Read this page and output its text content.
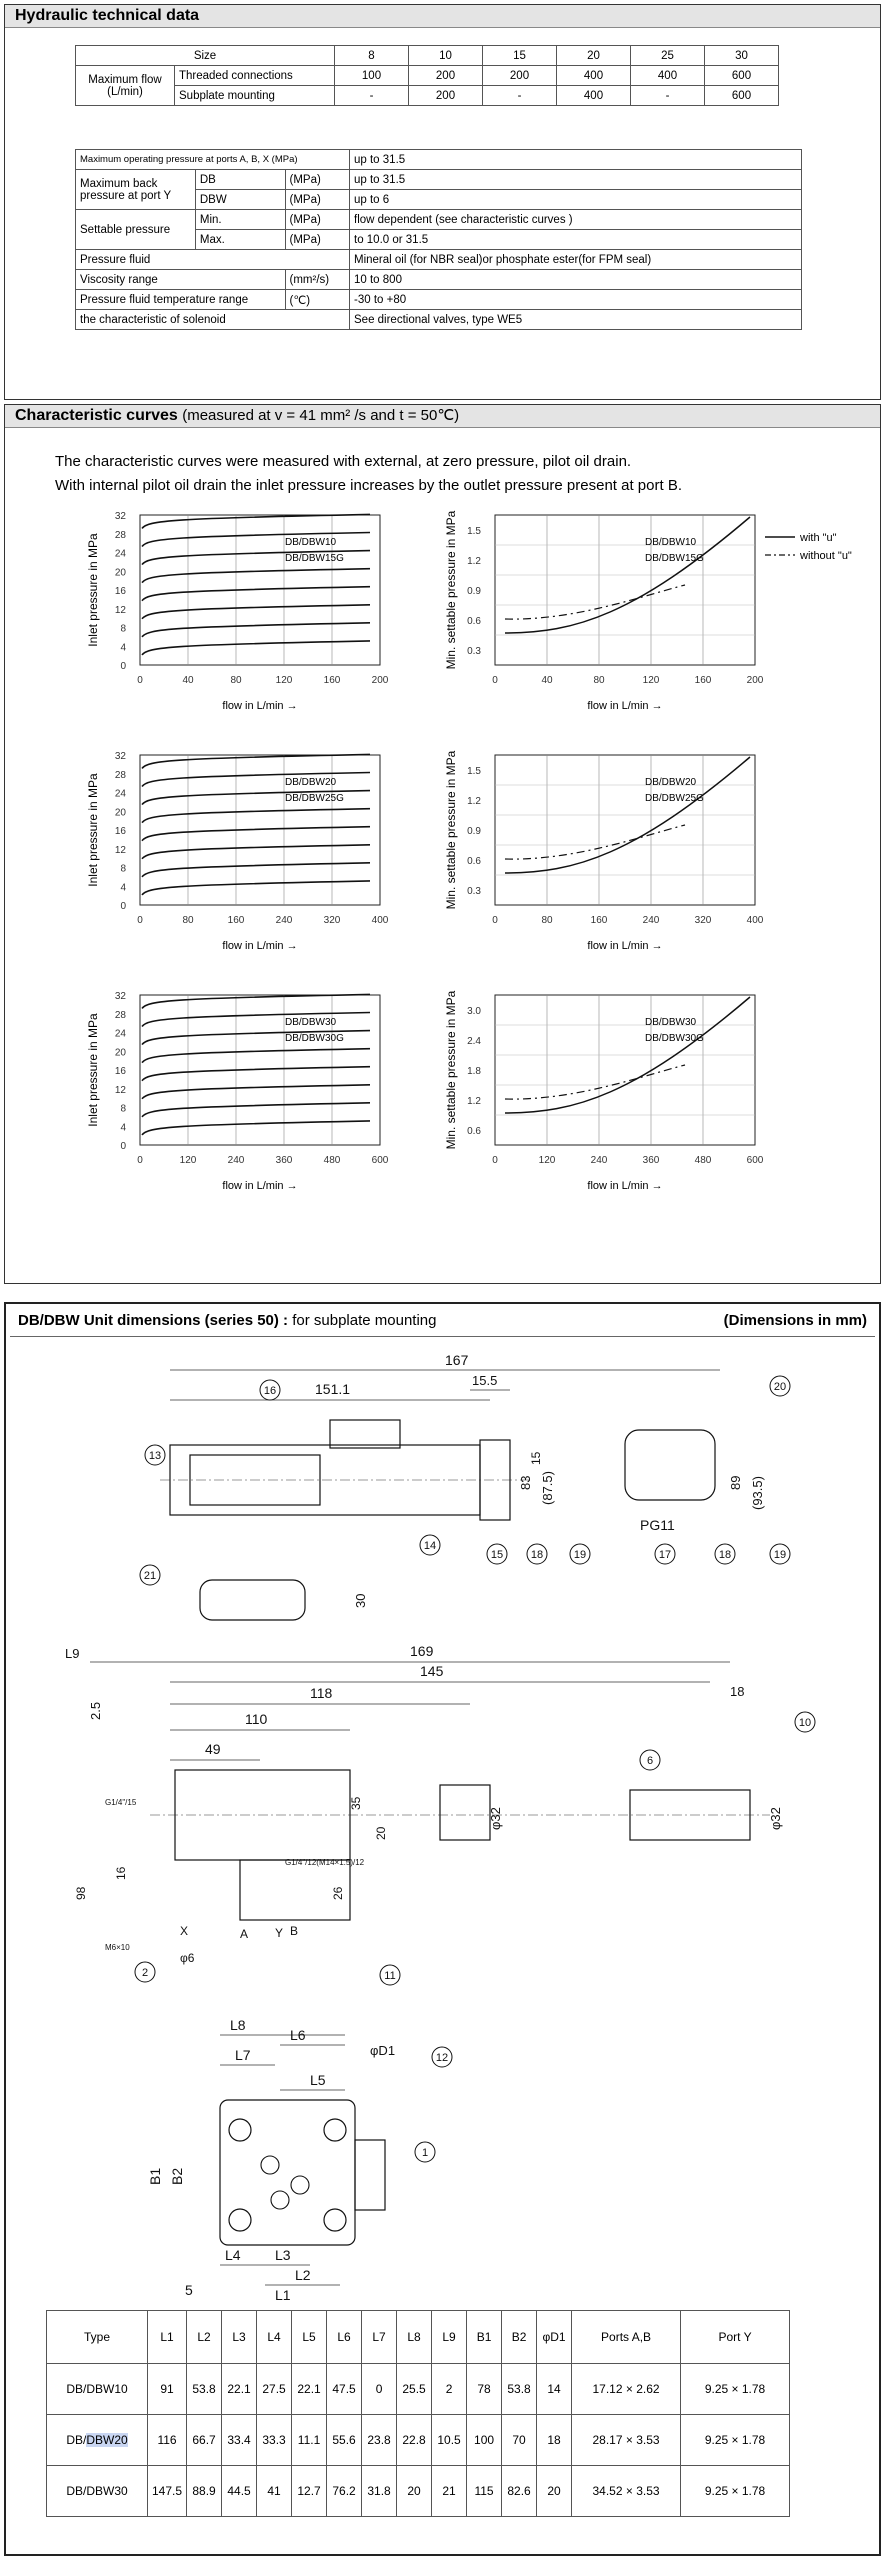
Hydraulic technical data
Size		8	10	15	20	25	30
Maximum flow
(L/min)	Threaded connections	100	200	200	400	400	600
	Subplate mounting	-	200	-	400	-	600
Maximum operating pressure at ports A, B, X (MPa)			up to 31.5
Maximum back
pressure at port Y	DB	(MPa)	up to 31.5
	DBW	(MPa)	up to 6
Settable pressure	Min.	(MPa)	flow dependent (see characteristic curves )
	Max.	(MPa)	to 10.0 or 31.5
Pressure fluid			Mineral oil (for NBR seal)or phosphate ester(for FPM seal)
Viscosity range		(mm²/s)	10 to 800
Pressure fluid temperature range		(℃)	-30 to +80
the characteristic of solenoid			See directional valves, type WE5
Characteristic curves (measured at v = 41 mm² /s and t = 50℃)
The characteristic curves were measured with external, at zero pressure, pilot oil drain.
With internal pilot oil drain the inlet pressure increases by the outlet pressure present at port B.
0
4
8
12
16
20
24
28
32
0	40	80	120	160	200
DB/DBW10
DB/DBW15G
flow in L/min →
Inlet pressure in MPa
0.3
0.6
0.9
1.2
1.5
0	40	80	120	160	200
DB/DBW10
DB/DBW15G
flow in L/min →
Min. settable pressure in MPa
0
4
8
12
16
20
24
28
32
0	80	160	240	320	400
DB/DBW20
DB/DBW25G
flow in L/min →
Inlet pressure in MPa
0.3
0.6
0.9
1.2
1.5
0	80	160	240	320	400
DB/DBW20
DB/DBW25G
flow in L/min →
Min. settable pressure in MPa
0
4
8
12
16
20
24
28
32
0	120	240	360	480	600
DB/DBW30
DB/DBW30G
flow in L/min →
Inlet pressure in MPa
0.6
1.2
1.8
2.4
3.0
0	120	240	360	480	600
DB/DBW30
DB/DBW30G
flow in L/min →
Min. settable pressure in MPa
with "u"
without "u"
DB/DBW Unit dimensions (series 50) : for subplate mounting	(Dimensions in mm)
167
151.1
15.5
15
83 (87.5)
PG11
89 (93.5)
16
13
14
15	18	19	17	18	19
20
30
21
169
L9
145
118
110
49
2.5
18
35
20
26
φ32	φ32
16
98
G1/4"/15
G1/4"/12(M14×1.5)/12
M6×10
X	A	B
Y
φ6
6
10
2	11
L8
L6
L7
L5
φD1	12
1
B1 B2
L4 L3
L2
L1
5
Type	L1	L2	L3	L4	L5	L6	L7	L8	L9	B1	B2	φD1	Ports A,B	Port Y
DB/DBW10	91	53.8	22.1	27.5	22.1	47.5	0	25.5	2	78	53.8	14	17.12 × 2.62	9.25 × 1.78
DB/DBW20	116	66.7	33.4	33.3	11.1	55.6	23.8	22.8	10.5	100	70	18	28.17 × 3.53	9.25 × 1.78
DB/DBW30	147.5	88.9	44.5	41	12.7	76.2	31.8	20	21	115	82.6	20	34.52 × 3.53	9.25 × 1.78
